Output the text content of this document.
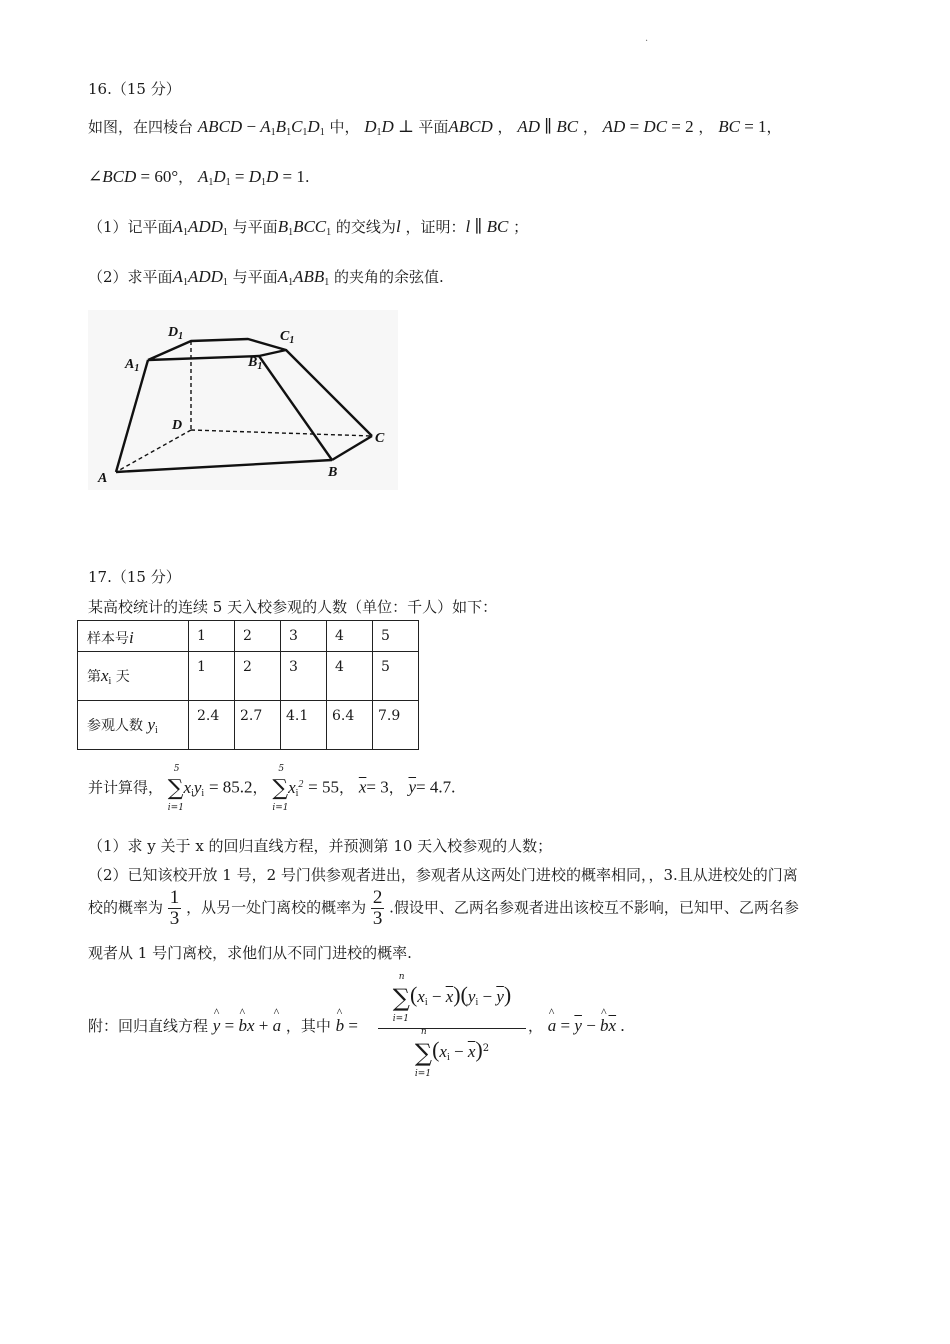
·
16.（15 分）
如图，在四棱台 ABCD − $A_1B_1C_1D_1$ 中， $D_1D$ ⊥ 平面ABCD ， AD ∥ BC ， AD = DC = 2 ， BC = 1，
∠BCD = 60°， $A_1D_1 = D_1D = 1$.
（1）记平面$A_1ADD_1$ 与平面$B_1BCC_1$ 的交线为l ，证明：l ∥ BC ；
（2）求平面$A_1ADD_1$ 与平面$A_1ABB_1$ 的夹角的余弦值.
$D_1$	$C_1$
$A_1$	$B_1$
D
C
A	B
17.（15 分）
某高校统计的连续 5 天入校参观的人数（单位：千人）如下：
样本号i	1	2	3	4	5
第$x_i$ 天	1	2	3	4	5
参观人数 $y_i$	2.4	2.7	4.1	6.4	7.9
并计算得， ∑
5
i=1
$x_iy_i = 85.2$， ∑
5
i=1
$x_i^2 = 55$， $\overline{x}= 3$， $\overline{y}= 4.7$.
（1）求 y 关于 x 的回归直线方程，并预测第 10 天入校参观的人数；
（2）已知该校开放 1 号，2 号门供参观者进出，参观者从这两处门进校的概率相同，，3.且从进校处的门离
校的概率为 $\frac{1}{3}$ ，从另一处门离校的概率为 $\frac{2}{3}$ .假设甲、乙两名参观者进出该校互不影响，已知甲、乙两名参
观者从 1 号门离校，求他们从不同门进校的概率.
附：回归直线方程 ^ y = ^ bx + ^ a ，其中 ^ b =
∑
n
i=1
$(x_i - \overline{x})(y_i - \overline{y})$
∑
n
i=1
$(x_i - \overline{x})^2$
， ^ $a = \overline{y}$ − ^ $b\overline{x}$ .
